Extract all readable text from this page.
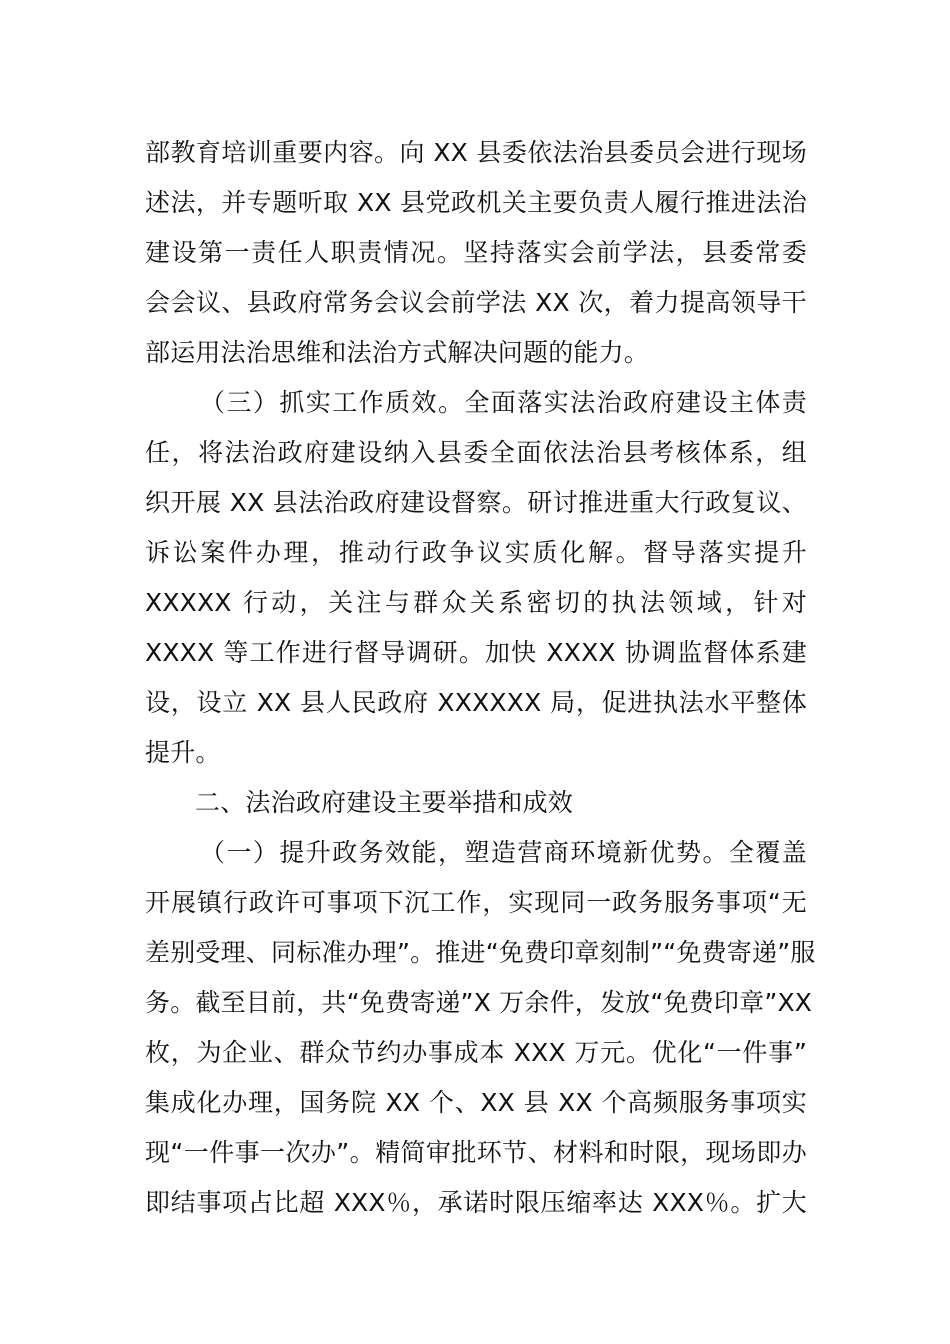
部教育培训重要内容。向 XX 县委依法治县委员会进行现场
述法，并专题听取 XX 县党政机关主要负责人履行推进法治
建设第一责任人职责情况。坚持落实会前学法，县委常委
会会议、县政府常务会议会前学法 XX 次，着力提高领导干
部运用法治思维和法治方式解决问题的能力。
（三）抓实工作质效。全面落实法治政府建设主体责
任，将法治政府建设纳入县委全面依法治县考核体系，组
织开展 XX 县法治政府建设督察。研讨推进重大行政复议、
诉讼案件办理，推动行政争议实质化解。督导落实提升
XXXXX 行动，关注与群众关系密切的执法领域，针对
XXXX 等工作进行督导调研。加快 XXXX 协调监督体系建
设，设立 XX 县人民政府 XXXXXX 局，促进执法水平整体
提升。
二、法治政府建设主要举措和成效
（一）提升政务效能，塑造营商环境新优势。全覆盖
开展镇行政许可事项下沉工作，实现同一政务服务事项“无
差别受理、同标准办理”。推进“免费印章刻制”“免费寄递”服
务。截至目前，共“免费寄递”X 万余件，发放“免费印章”XX
枚，为企业、群众节约办事成本 XXX 万元。优化“一件事”
集成化办理，国务院 XX 个、XX 县 XX 个高频服务事项实
现“一件事一次办”。精简审批环节、材料和时限，现场即办
即结事项占比超 XXX％，承诺时限压缩率达 XXX％。扩大
